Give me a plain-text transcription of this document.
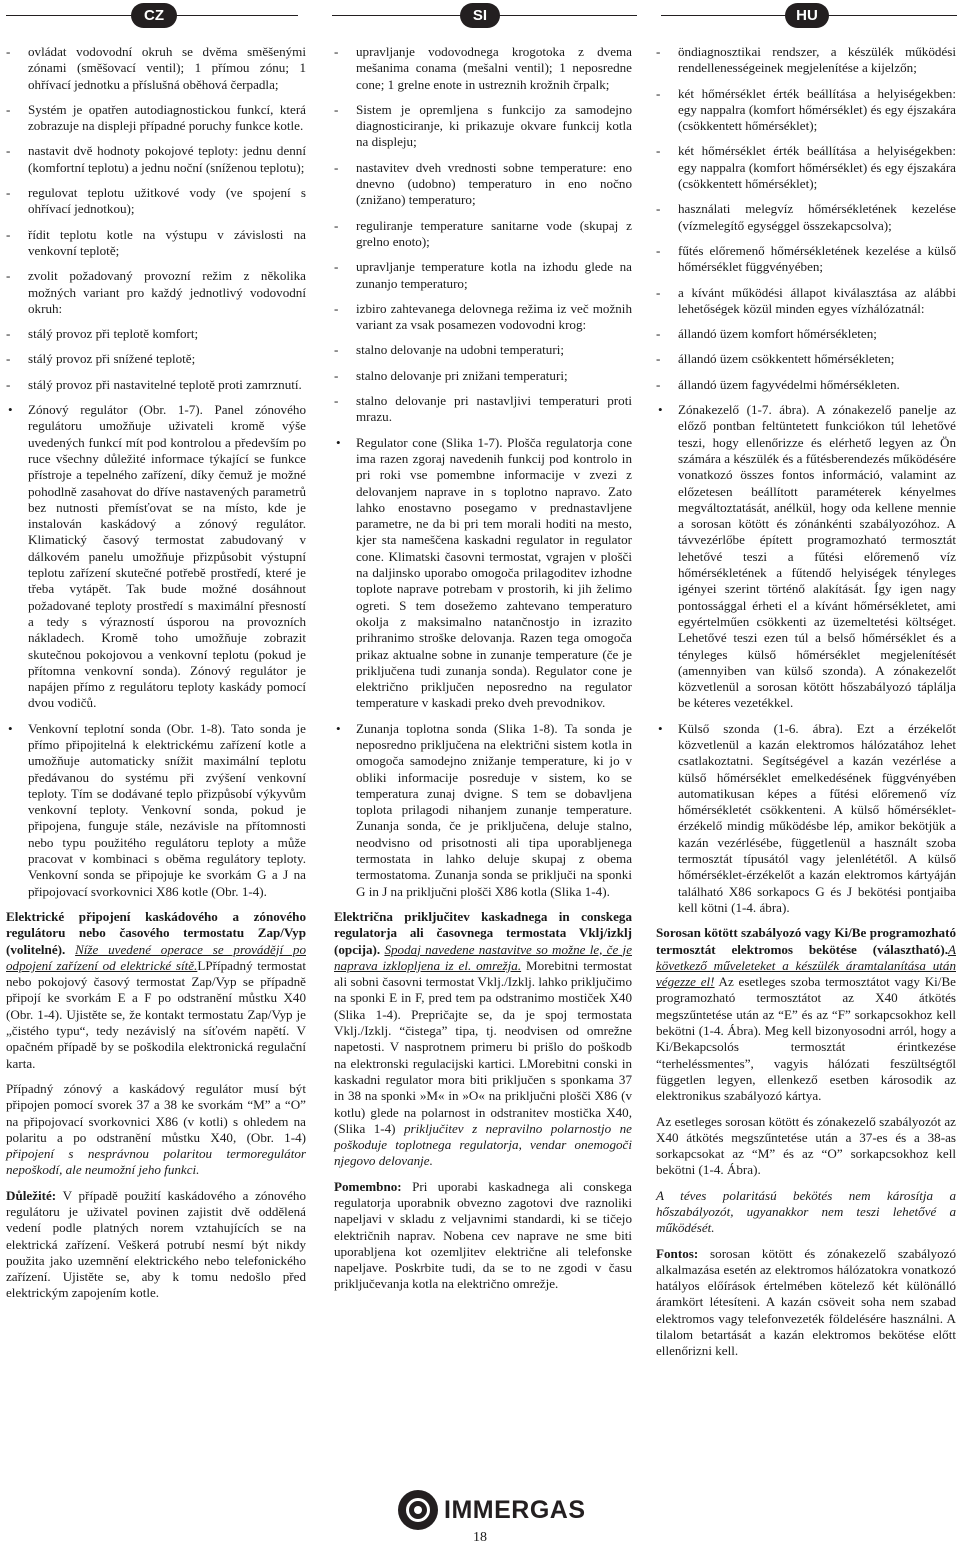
CZ	SI	HU
- ovládat vodovodní okruh se dvěma směšenými zónami (směšovací ventil); 1 přímou zónu; 1 ohřívací jednotku a příslušná oběhová čerpadla;
- Systém je opatřen autodiagnostickou funkcí, která zobrazuje na displeji případné poruchy funkce kotle.
- nastavit dvě hodnoty pokojové teploty: jednu denní (komfortní teplotu) a jednu noční (sníženou teplotu);
- regulovat teplotu užitkové vody (ve spojení s ohřívací jednotkou);
- řídit teplotu kotle na výstupu v závislosti na venkovní teplotě;
- zvolit požadovaný provozní režim z několika možných variant pro každý jednotlivý vodovodní okruh:
- stálý provoz při teplotě komfort;
- stálý provoz při snížené teplotě;
- stálý provoz při nastavitelné teplotě proti zamrznutí.
• Zónový regulátor (Obr. 1-7). Panel zónového regulátoru umožňuje uživateli kromě výše uvedených funkcí mít pod kontrolou a především po ruce všechny důležité informace týkající se funkce přístroje a tepelného zařízení, díky čemuž je možné pohodlně zasahovat do dříve nastavených parametrů bez nutnosti přemísťovat se na místo, kde je instalován kaskádový a zónový regulátor. Klimatický časový termostat zabudovaný v dálkovém panelu umožňuje přizpůsobit výstupní teplotu zařízení skutečné potřebě prostředí, které je třeba vytápět. Tak bude možné dosáhnout požadované teploty prostředí s maximální přesností a tedy s výrazností úsporou na provozních nákladech. Kromě toho umožňuje zobrazit skutečnou pokojovou a venkovní teplotu (pokud je přítomna venkovní sonda). Zónový regulátor je napájen přímo z regulátoru teploty kaskády pomocí dvou vodičů.
• Venkovní teplotní sonda (Obr. 1-8). Tato sonda je přímo připojitelná k elektrickému zařízení kotle a umožňuje automaticky snížit maximální teplotu předávanou do systému při zvýšení venkovní teploty. Tím se dodávané teplo přizpůsobí výkyvům venkovní teploty. Venkovní sonda, pokud je připojena, funguje stále, nezávisle na přítomnosti nebo typu použitého regulátoru teploty a může pracovat v kombinaci s oběma regulátory teploty. Venkovní sonda se připojuje ke svorkám G a J na připojovací svorkovnici X86 kotle (Obr. 1-4).

Elektrické připojení kaskádového a zónového regulátoru nebo časového termostatu Zap/Vyp (volitelné). Níže uvedené operace se provádějí po odpojení zařízení od elektrické sítě.LPřípadný termostat nebo pokojový časový termostat Zap/Vyp se případně připojí ke svorkám E a F po odstranění můstku X40 (Obr. 1-4). Ujistěte se, že kontakt termostatu Zap/Vyp je „čistého typu“, tedy nezávislý na síťovém napětí. V opačném případě by se poškodila elektronická regulační karta.

Případný zónový a kaskádový regulátor musí být připojen pomocí svorek 37 a 38 ke svorkám “M” a “O” na připojovací svorkovnici X86 (v kotli) s ohledem na polaritu a po odstranění můstku X40, (Obr. 1-4) připojení s nesprávnou polaritou termoregulátor nepoškodí, ale neumožní jeho funkci.

Důležité: V případě použití kaskádového a zónového regulátoru je uživatel povinen zajistit dvě oddělená vedení podle platných norem vztahujících se na elektrická zařízení. Veškerá potrubí nesmí být nikdy použita jako uzemnění elektrického nebo telefonického zařízení. Ujistěte se, aby k tomu nedošlo před elektrickým zapojením kotle.

- upravljanje vodovodnega krogotoka z dvema mešanima conama (mešalni ventil); 1 neposredne cone; 1 grelne enote in ustreznih krožnih črpalk;
- Sistem je opremljena s funkcijo za samodejno diagnosticiranje, ki prikazuje okvare funkcij kotla na displeju;
- nastavitev dveh vrednosti sobne temperature: eno dnevno (udobno) temperaturo in eno nočno (znižano) temperaturo;
- reguliranje temperature sanitarne vode (skupaj z grelno enoto);
- upravljanje temperature kotla na izhodu glede na zunanjo temperaturo;
- izbiro zahtevanega delovnega režima iz več možnih variant za vsak posamezen vodovodni krog:
- stalno delovanje na udobni temperaturi;
- stalno delovanje pri znižani temperaturi;
- stalno delovanje pri nastavljivi temperaturi proti mrazu.
• Regulator cone (Slika 1-7). Plošča regulatorja cone ima razen zgoraj navedenih funkcij pod kontrolo in pri roki vse pomembne informacije v zvezi z delovanjem naprave in s toplotno napravo. Zato lahko enostavno posegamo v prednastavljene parametre, ne da bi pri tem morali hoditi na mesto, kjer sta nameščena kaskadni regulator in regulator cone. Klimatski časovni termostat, vgrajen v plošči na daljinsko uporabo omogoča prilagoditev izhodne toplote naprave potrebam v prostorih, ki jih želimo ogreti. S tem dosežemo zahtevano temperaturo okolja z maksimalno natančnostjo in izrazito prihranimo stroške delovanja. Razen tega omogoča prikaz aktualne sobne in zunanje temperature (če je priključena tudi zunanja sonda). Regulator cone je električno priključen neposredno na regulator temperature v kaskadi preko dveh prevodnikov.
• Zunanja toplotna sonda (Slika 1-8). Ta sonda je neposredno priključena na električni sistem kotla in omogoča samodejno znižanje temperature, ki jo v obliki informacije posreduje v sistem, ko se temperatura zunaj dvigne. S tem se dobavljena toplota prilagodi nihanjem zunanje temperature. Zunanja sonda, če je priključena, deluje stalno, neodvisno od prisotnosti ali tipa uporabljenega termostata in lahko deluje skupaj z obema termostatoma. Zunanja sonda se priključi na sponki G in J na priključni plošči X86 kotla (Slika 1-4).

Električna priključitev kaskadnega in conskega regulatorja ali časovnega termostata Vklj/izklj (opcija). Spodaj navedene nastavitve so možne le, če je naprava izklopljena iz el. omrežja. Morebitni termostat ali sobni časovni termostat Vklj./Izklj. lahko priključimo na sponki E in F, pred tem pa odstranimo mostiček X40 (Slika 1-4). Prepričajte se, da je spoj termostata Vklj./Izklj. “čistega” tipa, tj. neodvisen od omrežne napetosti. V nasprotnem primeru bi prišlo do poškodb na elektronski regulacijski kartici. LMorebitni conski in kaskadni regulator mora biti priključen s sponkama 37 in 38 na sponki »M« in »O« na priključni plošči X86 (v kotlu) glede na polarnost in odstranitev mostička X40, (Slika 1-4) priključitev z nepravilno polarnostjo ne poškoduje toplotnega regulatorja, vendar onemogoči njegovo delovanje.

Pomembno: Pri uporabi kaskadnega ali conskega regulatorja uporabnik obvezno zagotovi dve raznoliki napeljavi v skladu z veljavnimi standardi, ki se tičejo električnih naprav. Nobena cev naprave ne sme biti uporabljena kot ozemljitev električne ali telefonske napeljave. Poskrbite tudi, da se to ne zgodi v času priključevanja kotla na električno omrežje.

- öndiagnosztikai rendszer, a készülék működési rendellenességeinek megjelenítése a kijelzőn;
- két hőmérséklet érték beállítása a helyiségekben: egy nappalra (komfort hőmérséklet) és egy éjszakára (csökkentett hőmérséklet);
- két hőmérséklet érték beállítása a helyiségekben: egy nappalra (komfort hőmérséklet) és egy éjszakára (csökkentett hőmérséklet);
- használati melegvíz hőmérsékletének kezelése (vízmelegítő egységgel összekapcsolva);
- fűtés előremenő hőmérsékletének kezelése a külső hőmérséklet függvényében;
- a kívánt működési állapot kiválasztása az alábbi lehetőségek közül minden egyes vízhálózatnál:
- állandó üzem komfort hőmérsékleten;
- állandó üzem csökkentett hőmérsékleten;
- állandó üzem fagyvédelmi hőmérsékleten.
• Zónakezelő (1-7. ábra). A zónakezelő panelje az előző pontban feltüntetett funkciókon túl lehetővé teszi, hogy ellenőrizze és elérhető legyen az Ön számára a készülék és a fűtésberendezés működésére vonatkozó összes fontos információ, valamint az előzetesen beállított paraméterek kényelmes megváltoztatását, anélkül, hogy oda kellene mennie a sorosan kötött és zónánkénti szabályozóhoz. A távvezérlőbe épített programozható termosztát lehetővé teszi a fűtési előremenő víz hőmérsékletének a fűtendő helyiségek tényleges igényei szerint történő alakítását. Így igen nagy pontossággal érheti el a kívánt hőmérsékletet, ami egyértelműen csökkenti az üzemeltetési költséget. Lehetővé teszi ezen túl a belső hőmérséklet és a tényleges külső hőmérséklet megjelenítését (amennyiben van külső szonda). A zónakezelőt közvetlenül a sorosan kötött hőszabályozó táplálja be kéteres vezetékkel.
• Külső szonda (1-6. ábra). Ezt a érzékelőt közvetlenül a kazán elektromos hálózatához lehet csatlakoztatni. Segítségével a kazán vezérlése a külső hőmérséklet emelkedésének függvényében automatikusan képes a fűtési előremenő víz hőmérsékletét csökkenteni. A külső hőmérséklet-érzékelő mindig működésbe lép, amikor bekötjük a kazán vezérlésébe, függetlenül a használt szoba termosztát típusától vagy jelenlététől. A külső hőmérséklet-érzékelőt a kazán elektromos kártyáján található X86 sorkapocs G és J bekötési pontjaiba kell kötni (1-4. ábra).

Sorosan kötött szabályozó vagy Ki/Be programozható termosztát elektromos bekötése (választható).A következő műveleteket a készülék áramtalanítása után végezze el! Az esetleges szoba termosztátot vagy Ki/Be programozható termosztátot az X40 átkötés megszűntetése után az “E” és az “F” sorkapcsokhoz kell bekötni (1-4. Ábra). Meg kell bizonyosodni arról, hogy a Ki/Bekapcsolós termosztát érintkezése “terheléssmentes”, vagyis hálózati feszültségtől független legyen, ellenkező esetben károsodik az elektronikus szabályozó kártya.

Az esetleges sorosan kötött és zónakezelő szabályozót az X40 átkötés megszűntetése után a 37-es és a 38-as sorkapcsokat az “M” és az “O” sorkapcsokhoz kell bekötni (1-4. Ábra).

A téves polaritású bekötés nem károsítja a hőszabályozót, ugyanakkor nem teszi lehetővé a működését.

Fontos: sorosan kötött és zónakezelő szabályozó alkalmazása esetén az elektromos hálózatokra vonatkozó hatályos előírások értelmében kötelező két különálló áramkört létesíteni. A kazán csöveit soha nem szabad elektromos vagy telefonvezeték földelésére használni. A tilalom betartását a kazán elektromos bekötése előtt ellenőrizni kell.

IMMERGAS
18
